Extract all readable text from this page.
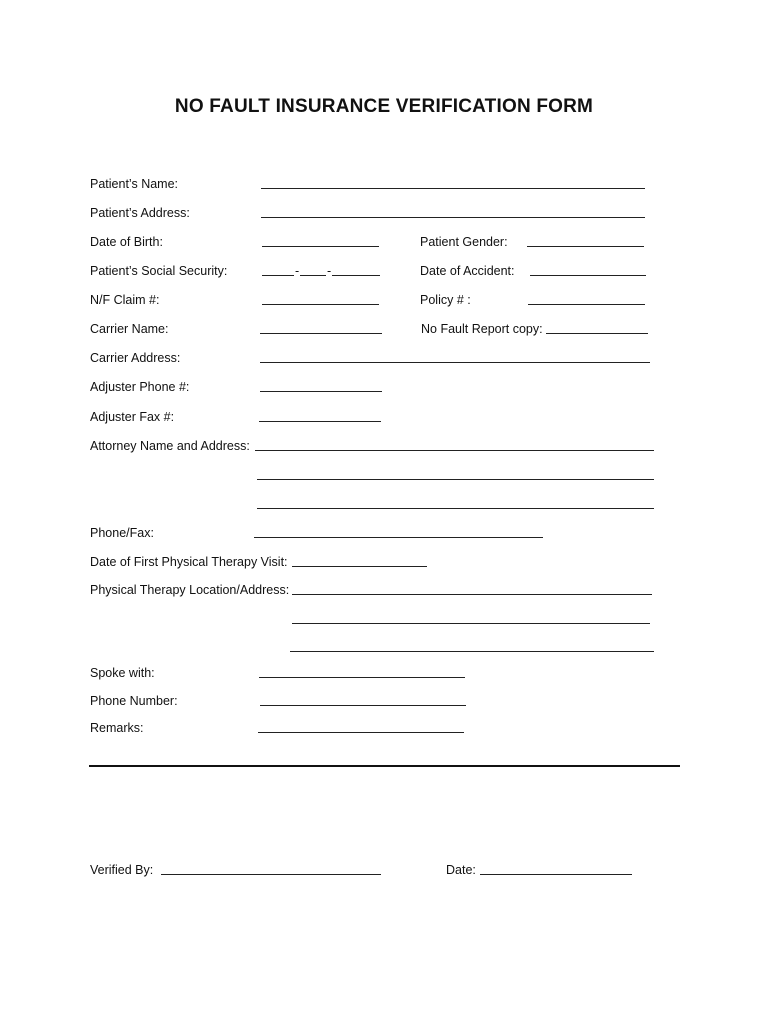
NO FAULT INSURANCE VERIFICATION FORM
Patient’s Name:
Patient’s Address:
Date of Birth:	Patient Gender:
Patient’s Social Security:	- -	Date of Accident:
N/F Claim #:	Policy # :
Carrier Name:	No Fault Report copy:
Carrier Address:
Adjuster Phone #:
Adjuster Fax #:
Attorney Name and Address:
Phone/Fax:
Date of First Physical Therapy Visit:
Physical Therapy Location/Address:
Spoke with:
Phone Number:
Remarks:
Verified By:	Date:
